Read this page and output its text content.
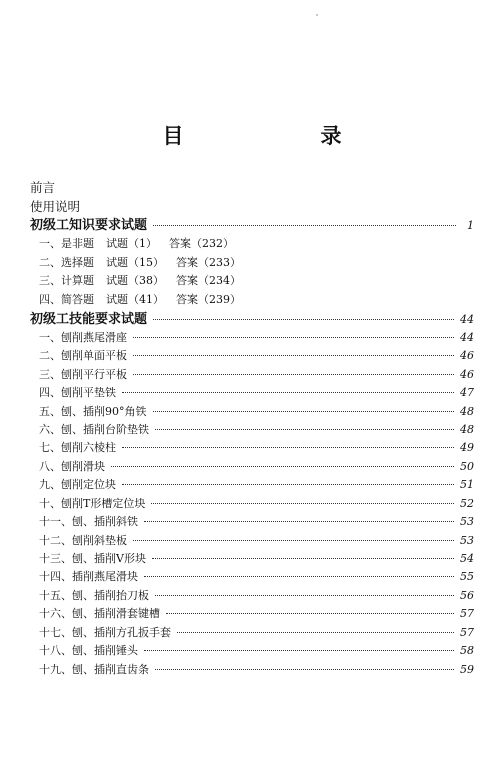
目　录
前言
使用说明
初级工知识要求试题	1
一、是非题 试题（1） 答案（232）
二、选择题 试题（15） 答案（233）
三、计算题 试题（38） 答案（234）
四、简答题 试题（41） 答案（239）
初级工技能要求试题	44
一、刨削燕尾滑座	44
二、刨削单面平板	46
三、刨削平行平板	46
四、刨削平垫铁	47
五、刨、插削90°角铁	48
六、刨、插削台阶垫铁	48
七、刨削六棱柱	49
八、刨削滑块	50
九、刨削定位块	51
十、刨削T形槽定位块	52
十一、刨、插削斜铁	53
十二、刨削斜垫板	53
十三、刨、插削V形块	54
十四、插削燕尾滑块	55
十五、刨、插削抬刀板	56
十六、刨、插削滑套键槽	57
十七、刨、插削方孔扳手套	57
十八、刨、插削锤头	58
十九、刨、插削直齿条	59
